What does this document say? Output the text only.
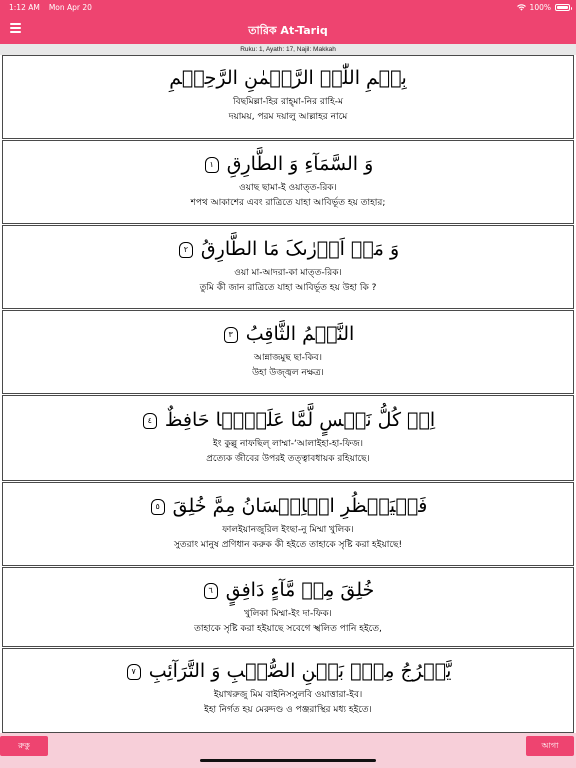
1:12 AM Mon Apr 20	100%
তারিক At-Tariq
Ruku: 1, Ayath: 17, Najil: Makkah
بِسۡمِ اللّٰہِ الرَّحۡمٰنِ الرَّحِیۡمِ
বিছমিল্লা-হির রাহ্‌মা-নির রাহি-ম
দয়াময়, পরম দয়ালু আল্লাহর নামে
وَ السَّمَآءِ وَ الطَّارِقِ ١
ওয়াছ ছামা-ই ওয়াত্‌ত-রিক।
শপথ আকাশের এবং রাত্রিতে যাহা আবির্ভূত হয় তাহার;
وَ مَاۤ اَدۡرٰىکَ مَا الطَّارِقُ ٢
ওয়া মা-আদরা-কা মাত্‌ত-রিক।
তুমি কী জান রাত্রিতে যাহা আবির্ভূত হয় উহা কি ?
النَّجۡمُ الثَّاقِبُ ٣
আন্নাজমুছ ছা-কিব।
উহা উজ্জ্বল নক্ষত্র।
اِنۡ کُلُّ نَفۡسٍ لَّمَّا عَلَیۡہَا حَافِظٌ ٤
ইং কুল্লু নাফছিল্‌ লাম্মা-‘আলাইহা-হা-ফিজ।
প্রত্যেক জীবের উপরই তত্ত্বাবধায়ক রহিয়াছে।
فَلۡیَنۡظُرِ الۡاِنۡسَانُ مِمَّ خُلِقَ ٥
ফালইয়ানজুরিল ইংছা-নু মিম্মা খুলিক।
সুতরাং মানুষ প্রণিধান করুক কী হইতে তাহাকে সৃষ্টি করা হইয়াছে!
خُلِقَ مِنۡ مَّآءٍ دَافِقٍ ٦
খুলিকা মিম্মা-ইং দা-ফিক।
তাহাকে সৃষ্টি করা হইয়াছে সবেগে স্খলিত পানি হইতে,
یَّخۡرُجُ مِنۡۢ بَیۡنِ الصُّلۡبِ وَ التَّرَآئِبِ ٧
ইয়াখরুজু মিম বাইনিসসুলবি ওয়াত্তারা-ইব।
ইহা নির্গত হয় মেরুদণ্ড ও পঞ্জরাস্থির মধ্য হইতে।
রুকু	আগা
